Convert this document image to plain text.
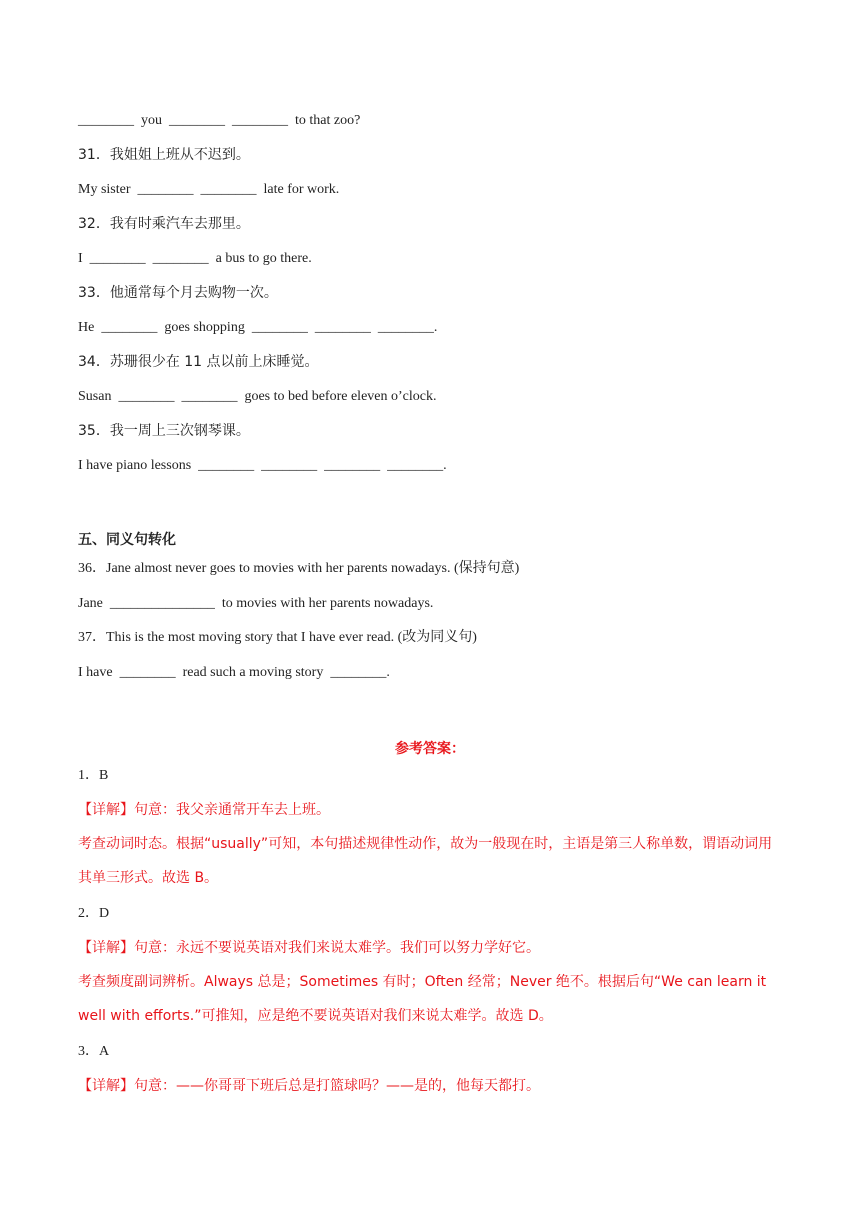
________  you  ________  ________  to that zoo?
31．我姐姐上班从不迟到。
My sister  ________  ________  late for work.
32．我有时乘汽车去那里。
I  ________  ________  a bus to go there.
33．他通常每个月去购物一次。
He  ________  goes shopping  ________  ________  ________.
34．苏珊很少在 11 点以前上床睡觉。
Susan  ________  ________  goes to bed before eleven o’clock.
35．我一周上三次钢琴课。
I have piano lessons  ________  ________  ________  ________.
五、同义句转化
36．Jane almost never goes to movies with her parents nowadays. (保持句意)
Jane  _______________  to movies with her parents nowadays.
37．This is the most moving story that I have ever read. (改为同义句)
I have  ________  read such a moving story  ________.
参考答案：
1．B
【详解】句意：我父亲通常开车去上班。
考查动词时态。根据“usually”可知，本句描述规律性动作，故为一般现在时，主语是第三人称单数，谓语动词用其单三形式。故选 B。
2．D
【详解】句意：永远不要说英语对我们来说太难学。我们可以努力学好它。
考查频度副词辨析。Always 总是；Sometimes 有时；Often 经常；Never 绝不。根据后句“We can learn it well with efforts.”可推知，应是绝不要说英语对我们来说太难学。故选 D。
3．A
【详解】句意：——你哥哥下班后总是打篮球吗？——是的，他每天都打。
